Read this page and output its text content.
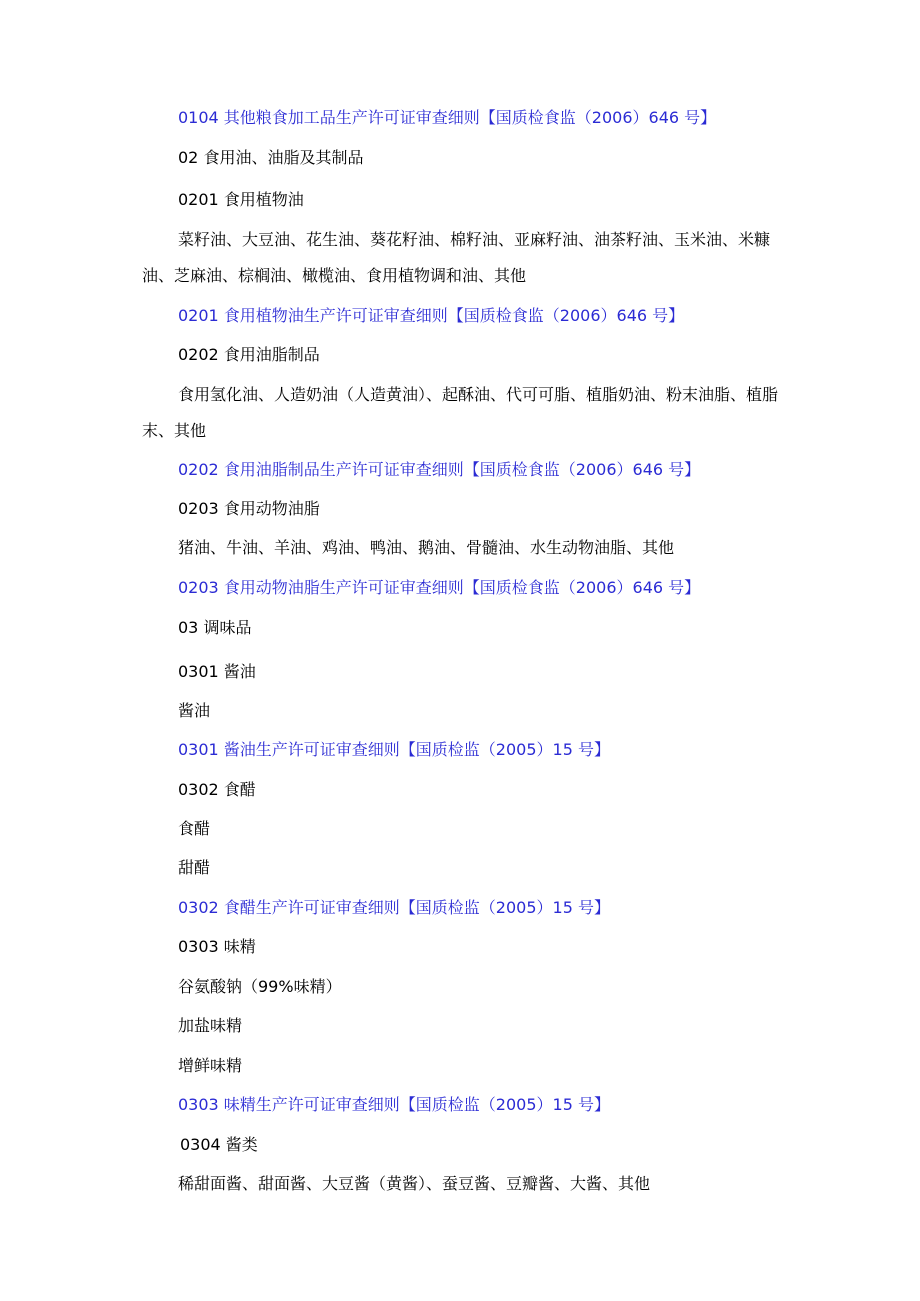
0104 其他粮食加工品生产许可证审查细则【国质检食监（2006）646 号】
02 食用油、油脂及其制品
0201 食用植物油
菜籽油、大豆油、花生油、葵花籽油、棉籽油、亚麻籽油、油茶籽油、玉米油、米糠油、芝麻油、棕榈油、橄榄油、食用植物调和油、其他
0201 食用植物油生产许可证审查细则【国质检食监（2006）646 号】
0202 食用油脂制品
食用氢化油、人造奶油（人造黄油）、起酥油、代可可脂、植脂奶油、粉末油脂、植脂末、其他
0202 食用油脂制品生产许可证审查细则【国质检食监（2006）646 号】
0203 食用动物油脂
猪油、牛油、羊油、鸡油、鸭油、鹅油、骨髓油、水生动物油脂、其他
0203 食用动物油脂生产许可证审查细则【国质检食监（2006）646 号】
03 调味品
0301 酱油
酱油
0301 酱油生产许可证审查细则【国质检监（2005）15 号】
0302 食醋
食醋
甜醋
0302 食醋生产许可证审查细则【国质检监（2005）15 号】
0303 味精
谷氨酸钠（99%味精）
加盐味精
增鲜味精
0303 味精生产许可证审查细则【国质检监（2005）15 号】
0304 酱类
稀甜面酱、甜面酱、大豆酱（黄酱）、蚕豆酱、豆瓣酱、大酱、其他
